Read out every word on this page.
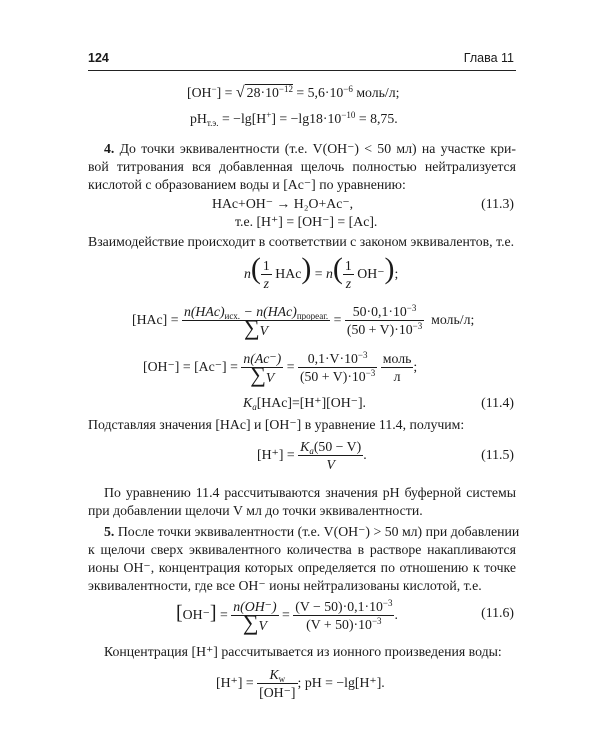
124	Глава 11
[OH−] = √ $28\cdot 10^{-12} = 5,6\cdot 10^{-6}$ моль/л;
$pH_{т.э.} = -\lg[H^+] = -\lg 18\cdot 10^{-10} = 8,75$.
4. До точки эквивалентности (т.е. V(OH⁻) < 50 мл) на участке кри-
вой титрования вся добавленная щелочь полностью нейтрализуется
кислотой с образованием воды и [Ac⁻] по уравнению:
HAc+OH⁻ → H₂O+Ac⁻,	(11.3)
т.е. [H⁺] = [OH⁻] = [Ac].
Взаимодействие происходит в соответствии с законом эквивалентов, т.е.
$n( \frac{1}{z} HAc) = n( \frac{1}{z} OH^-)$;
[HAc] =
$n(HAc)_{исх.} - n(HAc)_{прореаг.}$
∑V
= $\frac{50\cdot 0,1\cdot 10^{-3}}{(50 + V)\cdot 10^{-3}}$ моль/л;
$[OH^-] = [Ac^-] = \frac{n(Ac^-)}{\sum V} = \frac{0,1\cdot V\cdot 10^{-3}}{(50 + V)\cdot 10^{-3}}$
моль
л
;
$K_a[HAc]=[H^+][OH^-]$.	(11.4)
Подставляя значения [HAc] и [OH⁻] в уравнение 11.4, получим:
$[H^+] = \frac{K_a(50 - V)}{V}$ .	(11.5)
По уравнению 11.4 рассчитываются значения pH буферной системы
при добавлении щелочи V мл до точки эквивалентности.
5. После точки эквивалентности (т.е. V(OH⁻) > 50 мл) при добавлении
к щелочи сверх эквивалентного количества в растворе накапливаются
ионы OH⁻, концентрация которых определяется по отношению к точке
эквивалентности, где все OH⁻ ионы нейтрализованы кислотой, т.е.
$[OH^-] = \frac{n(OH^-)}{\sum V} = \frac{(V - 50)\cdot 0,1\cdot 10^{-3}}{(V + 50)\cdot 10^{-3}}$ .	(11.6)
Концентрация [H⁺] рассчитывается из ионного произведения воды:
$[H^+] = \frac{K_w}{[OH^-]}$ ; pH = −lg[H⁺].
